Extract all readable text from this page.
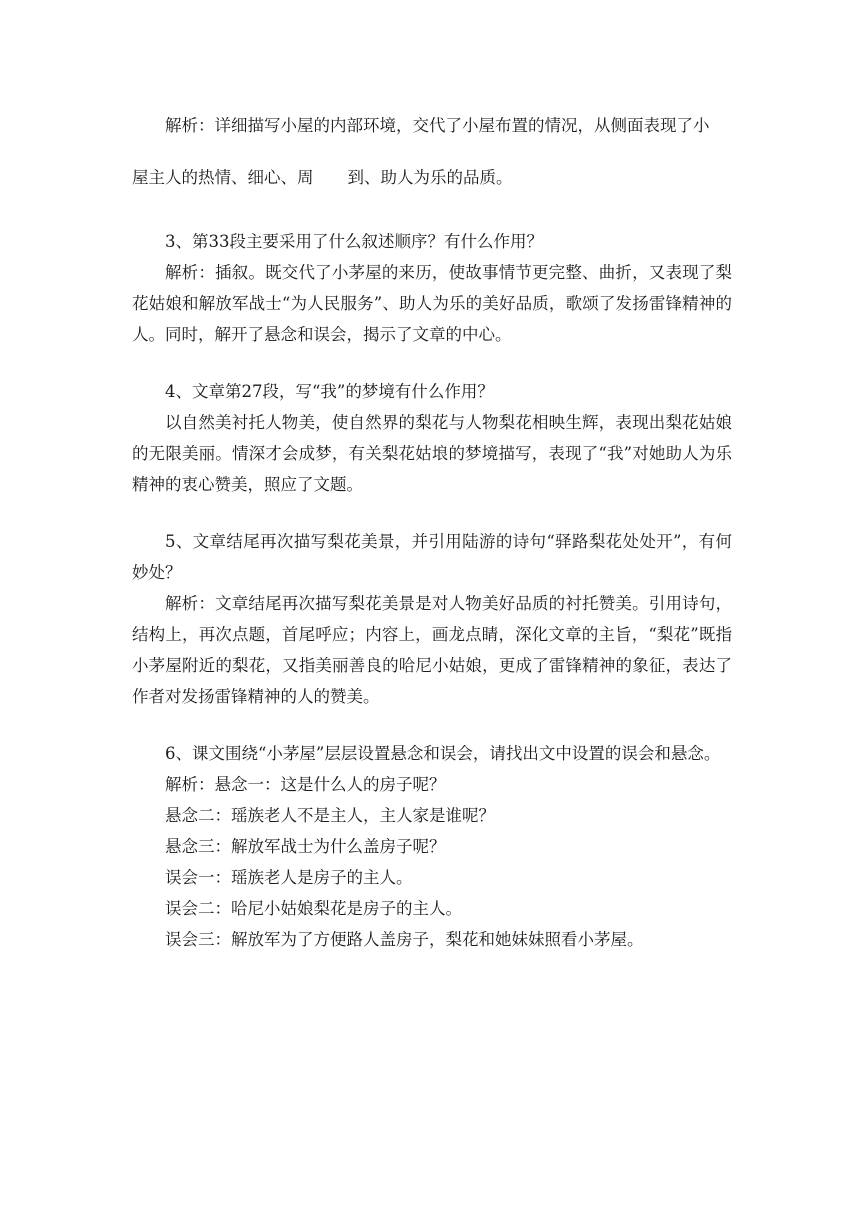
解析：详细描写小屋的内部环境，交代了小屋布置的情况，从侧面表现了小
屋主人的热情、细心、周 到、助人为乐的品质。

3、第33段主要采用了什么叙述顺序？有什么作用？

解析：插叙。既交代了小茅屋的来历，使故事情节更完整、曲折，又表现了梨花姑娘和解放军战士“为人民服务”、助人为乐的美好品质，歌颂了发扬雷锋精神的人。同时，解开了悬念和误会，揭示了文章的中心。

4、文章第27段，写“我”的梦境有什么作用？

以自然美衬托人物美，使自然界的梨花与人物梨花相映生辉，表现出梨花姑娘的无限美丽。情深才会成梦，有关梨花姑埌的梦境描写，表现了“我”对她助人为乐精神的衷心赞美，照应了文题。

5、文章结尾再次描写梨花美景，并引用陆游的诗句“驿路梨花处处开”，有何妙处？

解析：文章结尾再次描写梨花美景是对人物美好品质的衬托赞美。引用诗句，结构上，再次点题，首尾呼应；内容上，画龙点睛，深化文章的主旨，“梨花”既指小茅屋附近的梨花，又指美丽善良的哈尼小姑娘，更成了雷锋精神的象征，表达了作者对发扬雷锋精神的人的赞美。

6、课文围绕“小茅屋”层层设置悬念和误会，请找出文中设置的误会和悬念。

解析：悬念一：这是什么人的房子呢？

悬念二：瑶族老人不是主人，主人家是谁呢？

悬念三：解放军战士为什么盖房子呢？

误会一：瑶族老人是房子的主人。

误会二：哈尼小姑娘梨花是房子的主人。

误会三：解放军为了方便路人盖房子，梨花和她妹妹照看小茅屋。
